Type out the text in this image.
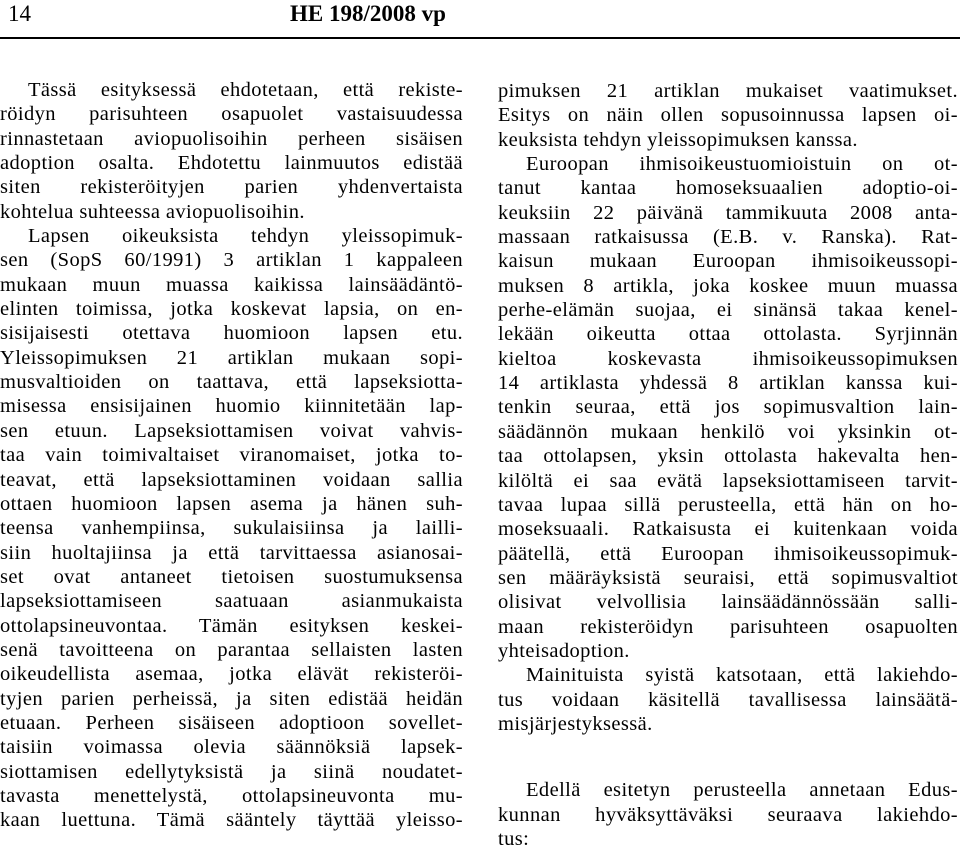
14	HE 198/2008 vp
Tässä esityksessä ehdotetaan, että rekiste-
röidyn parisuhteen osapuolet vastaisuudessa
rinnastetaan aviopuolisoihin perheen sisäisen
adoption osalta. Ehdotettu lainmuutos edistää
siten rekisteröityjen parien yhdenvertaista
kohtelua suhteessa aviopuolisoihin.
Lapsen oikeuksista tehdyn yleissopimuk-
sen (SopS 60/1991) 3 artiklan 1 kappaleen
mukaan muun muassa kaikissa lainsäädäntö-
elinten toimissa, jotka koskevat lapsia, on en-
sisijaisesti otettava huomioon lapsen etu.
Yleissopimuksen 21 artiklan mukaan sopi-
musvaltioiden on taattava, että lapseksiotta-
misessa ensisijainen huomio kiinnitetään lap-
sen etuun. Lapseksiottamisen voivat vahvis-
taa vain toimivaltaiset viranomaiset, jotka to-
teavat, että lapseksiottaminen voidaan sallia
ottaen huomioon lapsen asema ja hänen suh-
teensa vanhempiinsa, sukulaisiinsa ja lailli-
siin huoltajiinsa ja että tarvittaessa asianosai-
set ovat antaneet tietoisen suostumuksensa
lapseksiottamiseen saatuaan asianmukaista
ottolapsineuvontaa. Tämän esityksen keskei-
senä tavoitteena on parantaa sellaisten lasten
oikeudellista asemaa, jotka elävät rekisteröi-
tyjen parien perheissä, ja siten edistää heidän
etuaan. Perheen sisäiseen adoptioon sovellet-
taisiin voimassa olevia säännöksiä lapsek-
siottamisen edellytyksistä ja siinä noudatet-
tavasta menettelystä, ottolapsineuvonta mu-
kaan luettuna. Tämä sääntely täyttää yleisso-
pimuksen 21 artiklan mukaiset vaatimukset.
Esitys on näin ollen sopusoinnussa lapsen oi-
keuksista tehdyn yleissopimuksen kanssa.
Euroopan ihmisoikeustuomioistuin on ot-
tanut kantaa homoseksuaalien adoptio-oi-
keuksiin 22 päivänä tammikuuta 2008 anta-
massaan ratkaisussa (E.B. v. Ranska). Rat-
kaisun mukaan Euroopan ihmisoikeussopi-
muksen 8 artikla, joka koskee muun muassa
perhe-elämän suojaa, ei sinänsä takaa kenel-
lekään oikeutta ottaa ottolasta. Syrjinnän
kieltoa koskevasta ihmisoikeussopimuksen
14 artiklasta yhdessä 8 artiklan kanssa kui-
tenkin seuraa, että jos sopimusvaltion lain-
säädännön mukaan henkilö voi yksinkin ot-
taa ottolapsen, yksin ottolasta hakevalta hen-
kilöltä ei saa evätä lapseksiottamiseen tarvit-
tavaa lupaa sillä perusteella, että hän on ho-
moseksuaali. Ratkaisusta ei kuitenkaan voida
päätellä, että Euroopan ihmisoikeussopimuk-
sen määräyksistä seuraisi, että sopimusvaltiot
olisivat velvollisia lainsäädännössään salli-
maan rekisteröidyn parisuhteen osapuolten
yhteisadoption.
Mainituista syistä katsotaan, että lakiehdo-
tus voidaan käsitellä tavallisessa lainsäätä-
misjärjestyksessä.
Edellä esitetyn perusteella annetaan Edus-
kunnan hyväksyttäväksi seuraava lakiehdo-
tus:
